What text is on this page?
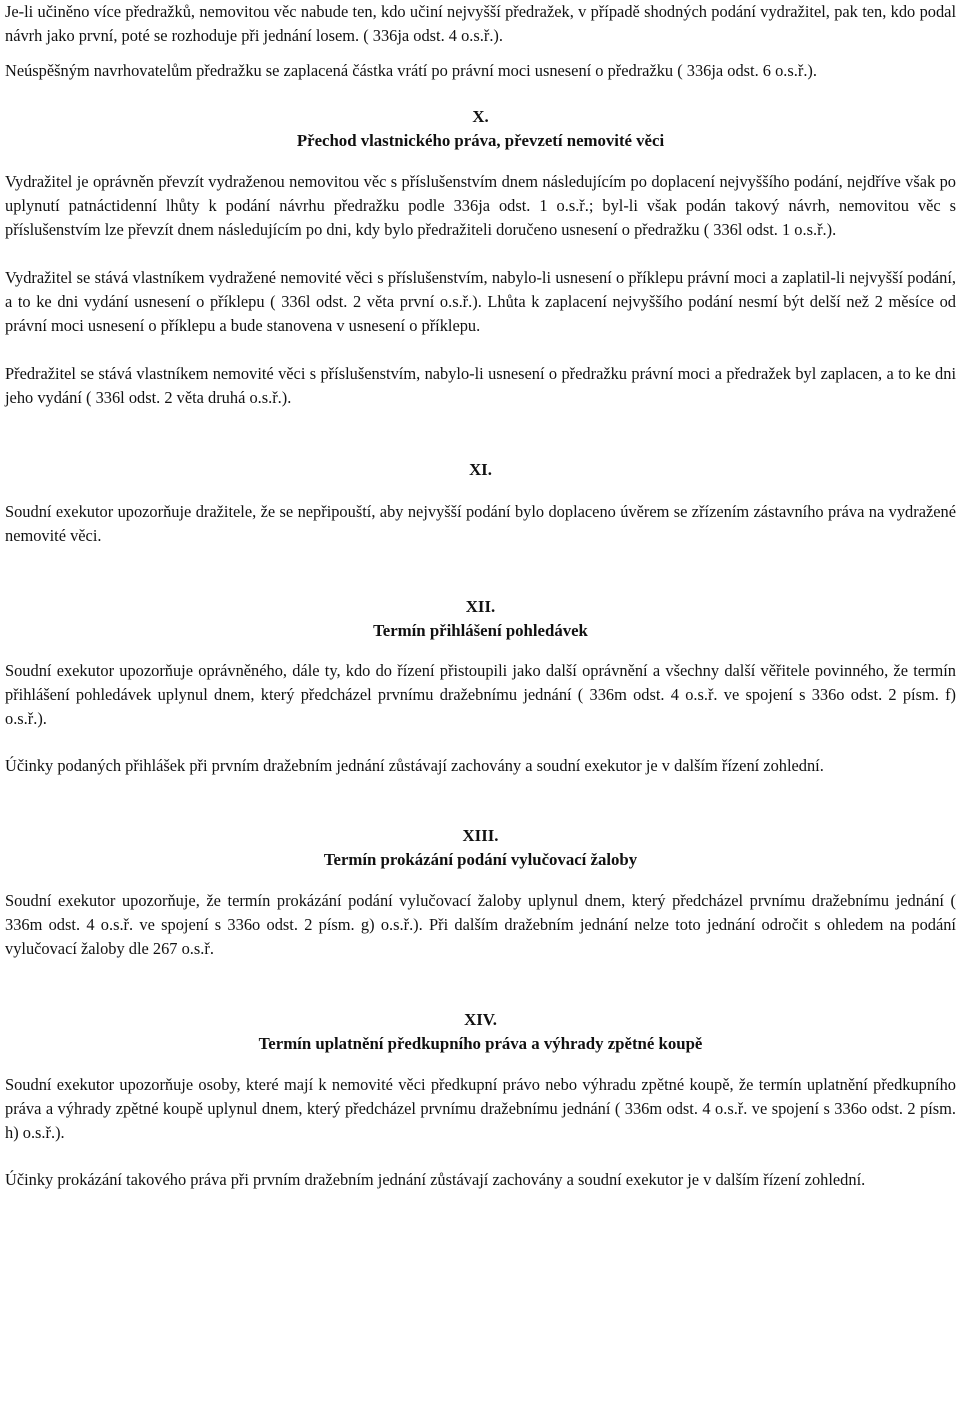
Je-li učiněno více předražků, nemovitou věc nabude ten, kdo učiní nejvyšší předražek, v případě shodných podání vydražitel, pak ten, kdo podal návrh jako první, poté se rozhoduje při jednání losem. ( 336ja odst. 4 o.s.ř.).

Neúspěšným navrhovatelům předražku se zaplacená částka vrátí po právní moci usnesení o předražku ( 336ja odst. 6 o.s.ř.).

X.
Přechod vlastnického práva, převzetí nemovité věci

Vydražitel je oprávněn převzít vydraženou nemovitou věc s příslušenstvím dnem následujícím po doplacení nejvyššího podání, nejdříve však po uplynutí patnáctidenní lhůty k podání návrhu předražku podle 336ja odst. 1 o.s.ř.; byl-li však podán takový návrh, nemovitou věc s příslušenstvím lze převzít dnem následujícím po dni, kdy bylo předražiteli doručeno usnesení o předražku ( 336l odst. 1 o.s.ř.).

Vydražitel se stává vlastníkem vydražené nemovité věci s příslušenstvím, nabylo-li usnesení o příklepu právní moci a zaplatil-li nejvyšší podání, a to ke dni vydání usnesení o příklepu ( 336l odst. 2 věta první o.s.ř.). Lhůta k zaplacení nejvyššího podání nesmí být delší než 2 měsíce od právní moci usnesení o příklepu a bude stanovena v usnesení o příklepu.

Předražitel se stává vlastníkem nemovité věci s příslušenstvím, nabylo-li usnesení o předražku právní moci a předražek byl zaplacen, a to ke dni jeho vydání ( 336l odst. 2 věta druhá o.s.ř.).

XI.

Soudní exekutor upozorňuje dražitele, že se nepřipouští, aby nejvyšší podání bylo doplaceno úvěrem se zřízením zástavního práva na vydražené nemovité věci.

XII.
Termín přihlášení pohledávek

Soudní exekutor upozorňuje oprávněného, dále ty, kdo do řízení přistoupili jako další oprávnění a všechny další věřitele povinného, že termín přihlášení pohledávek uplynul dnem, který předcházel prvnímu dražebnímu jednání ( 336m odst. 4 o.s.ř. ve spojení s 336o odst. 2 písm. f) o.s.ř.).

Účinky podaných přihlášek při prvním dražebním jednání zůstávají zachovány a soudní exekutor je v dalším řízení zohlední.

XIII.
Termín prokázání podání vylučovací žaloby

Soudní exekutor upozorňuje, že termín prokázání podání vylučovací žaloby uplynul dnem, který předcházel prvnímu dražebnímu jednání ( 336m odst. 4 o.s.ř. ve spojení s 336o odst. 2 písm. g) o.s.ř.). Při dalším dražebním jednání nelze toto jednání odročit s ohledem na podání vylučovací žaloby dle 267 o.s.ř.

XIV.
Termín uplatnění předkupního práva a výhrady zpětné koupě

Soudní exekutor upozorňuje osoby, které mají k nemovité věci předkupní právo nebo výhradu zpětné koupě, že termín uplatnění předkupního práva a výhrady zpětné koupě uplynul dnem, který předcházel prvnímu dražebnímu jednání ( 336m odst. 4 o.s.ř. ve spojení s 336o odst. 2 písm. h) o.s.ř.).

Účinky prokázání takového práva při prvním dražebním jednání zůstávají zachovány a soudní exekutor je v dalším řízení zohlední.
